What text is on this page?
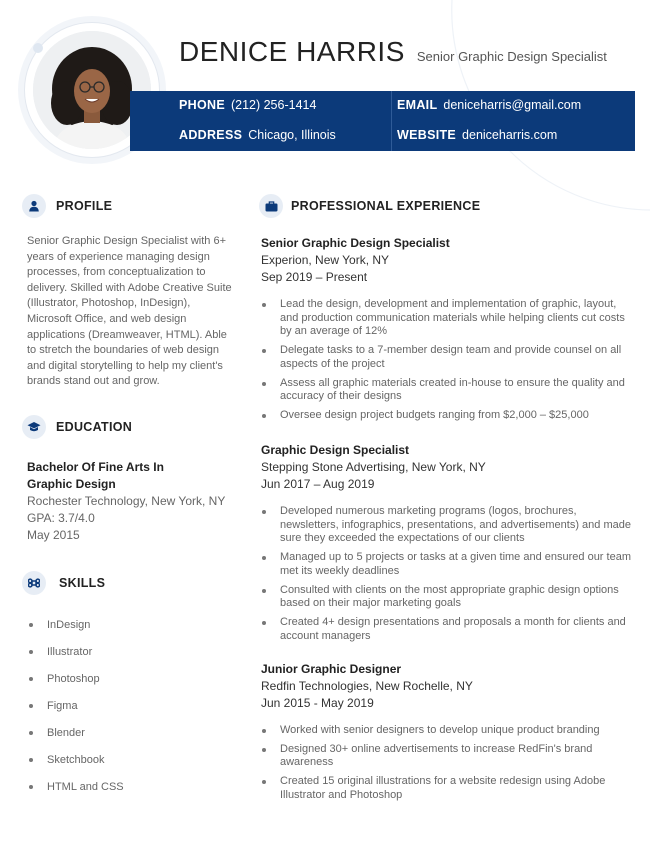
DENICE HARRIS Senior Graphic Design Specialist
PHONE (212) 256-1414	EMAIL deniceharris@gmail.com
ADDRESS Chicago, Illinois	WEBSITE deniceharris.com
PROFILE
Senior Graphic Design Specialist with 6+ years of experience managing design processes, from conceptualization to delivery. Skilled with Adobe Creative Suite (Illustrator, Photoshop, InDesign), Microsoft Office, and web design applications (Dreamweaver, HTML). Able to stretch the boundaries of web design and digital storytelling to help my client's brands stand out and grow.
EDUCATION
Bachelor Of Fine Arts In
Graphic Design
Rochester Technology, New York, NY
GPA: 3.7/4.0
May 2015
SKILLS
InDesign
Illustrator
Photoshop
Figma
Blender
Sketchbook
HTML and CSS
PROFESSIONAL EXPERIENCE
Senior Graphic Design Specialist
Experion, New York, NY
Sep 2019 – Present
Lead the design, development and implementation of graphic, layout, and production communication materials while helping clients cut costs by an average of 12%
Delegate tasks to a 7-member design team and provide counsel on all aspects of the project
Assess all graphic materials created in-house to ensure the quality and accuracy of their designs
Oversee design project budgets ranging from $2,000 – $25,000
Graphic Design Specialist
Stepping Stone Advertising, New York, NY
Jun 2017 – Aug 2019
Developed numerous marketing programs (logos, brochures, newsletters, infographics, presentations, and advertisements) and made sure they exceeded the expectations of our clients
Managed up to 5 projects or tasks at a given time and ensured our team met its weekly deadlines
Consulted with clients on the most appropriate graphic design options based on their major marketing goals
Created 4+ design presentations and proposals a month for clients and account managers
Junior Graphic Designer
Redfin Technologies, New Rochelle, NY
Jun 2015 - May 2019
Worked with senior designers to develop unique product branding
Designed 30+ online advertisements to increase RedFin's brand awareness
Created 15 original illustrations for a website redesign using Adobe Illustrator and Photoshop
